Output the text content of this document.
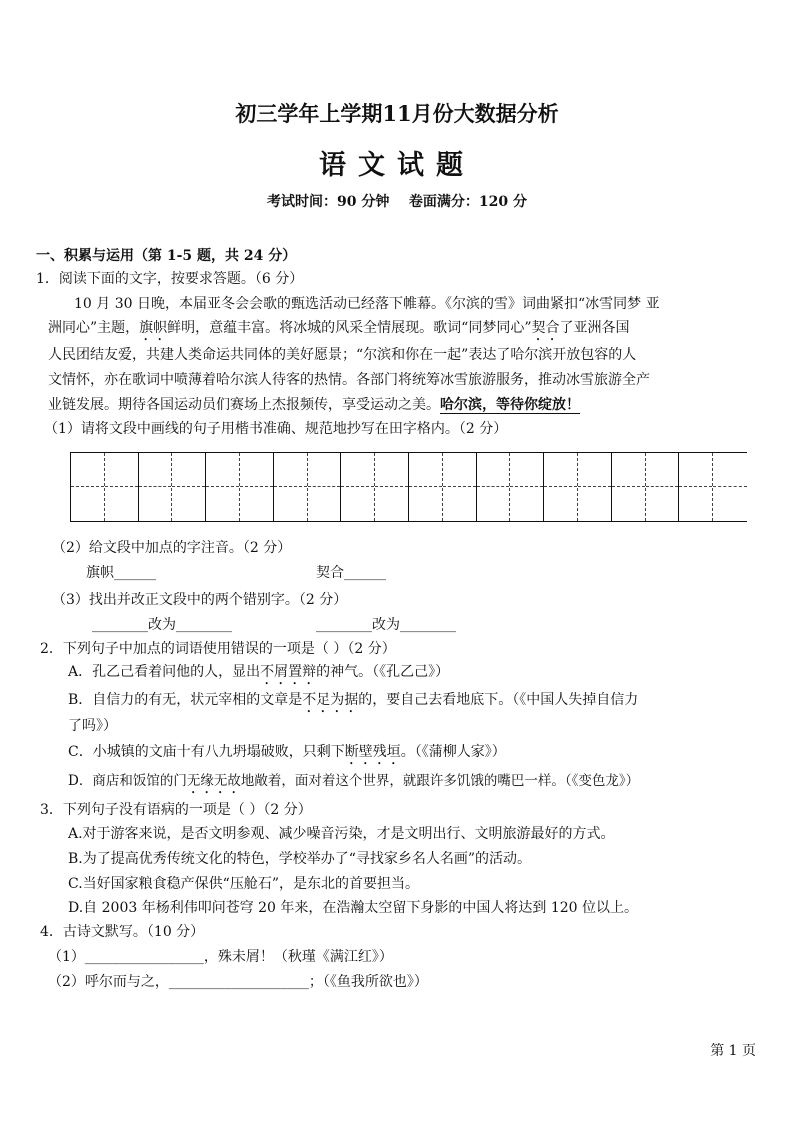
初三学年上学期11月份大数据分析
语文试题
考试时间：90 分钟    卷面满分：120 分
一、积累与运用（第 1-5 题，共 24 分）
1．阅读下面的文字，按要求答题。（6 分）
10 月 30 日晚，本届亚冬会会歌的甄选活动已经落下帷幕。《尔滨的雪》词曲紧扣“冰雪同梦 亚
洲同心”主题，旗帜鲜明，意蕴丰富。将冰城的风采全情展现。歌词“同梦同心”契合了亚洲各国
人民团结友爱，共建人类命运共同体的美好愿景；“尔滨和你在一起”表达了哈尔滨开放包容的人
文情怀，亦在歌词中喷薄着哈尔滨人待客的热情。各部门将统筹冰雪旅游服务，推动冰雪旅游全产
业链发展。期待各国运动员们赛场上杰报频传，享受运动之美。哈尔滨，等待你绽放！
（1）请将文段中画线的句子用楷书准确、规范地抄写在田字格内。（2 分）
（2）给文段中加点的字注音。（2 分）
旗帜______	契合______
（3）找出并改正文段中的两个错别字。（2 分）
________改为________	________改为________
2．下列句子中加点的词语使用错误的一项是（ ）（2 分）
A．孔乙己看着问他的人，显出不屑置辩的神气。（《孔乙己》）
B．自信力的有无，状元宰相的文章是不足为据的，要自己去看地底下。（《中国人失掉自信力
了吗》）
C．小城镇的文庙十有八九坍塌破败，只剩下断壁残垣。（《蒲柳人家》）
D．商店和饭馆的门无缘无故地敞着，面对着这个世界，就跟许多饥饿的嘴巴一样。（《变色龙》）
3．下列句子没有语病的一项是（ ）（2 分）
A.对于游客来说，是否文明参观、减少噪音污染，才是文明出行、文明旅游最好的方式。
B.为了提高优秀传统文化的特色，学校举办了“寻找家乡名人名画”的活动。
C.当好国家粮食稳产保供“压舱石”，是东北的首要担当。
D.自 2003 年杨利伟叩问苍穹 20 年来，在浩瀚太空留下身影的中国人将达到 120 位以上。
4．古诗文默写。（10 分）
（1）_________________，殊未屑！（秋瑾《满江红》）
（2）呼尔而与之，____________________；（《鱼我所欲也》）
第 1 页
